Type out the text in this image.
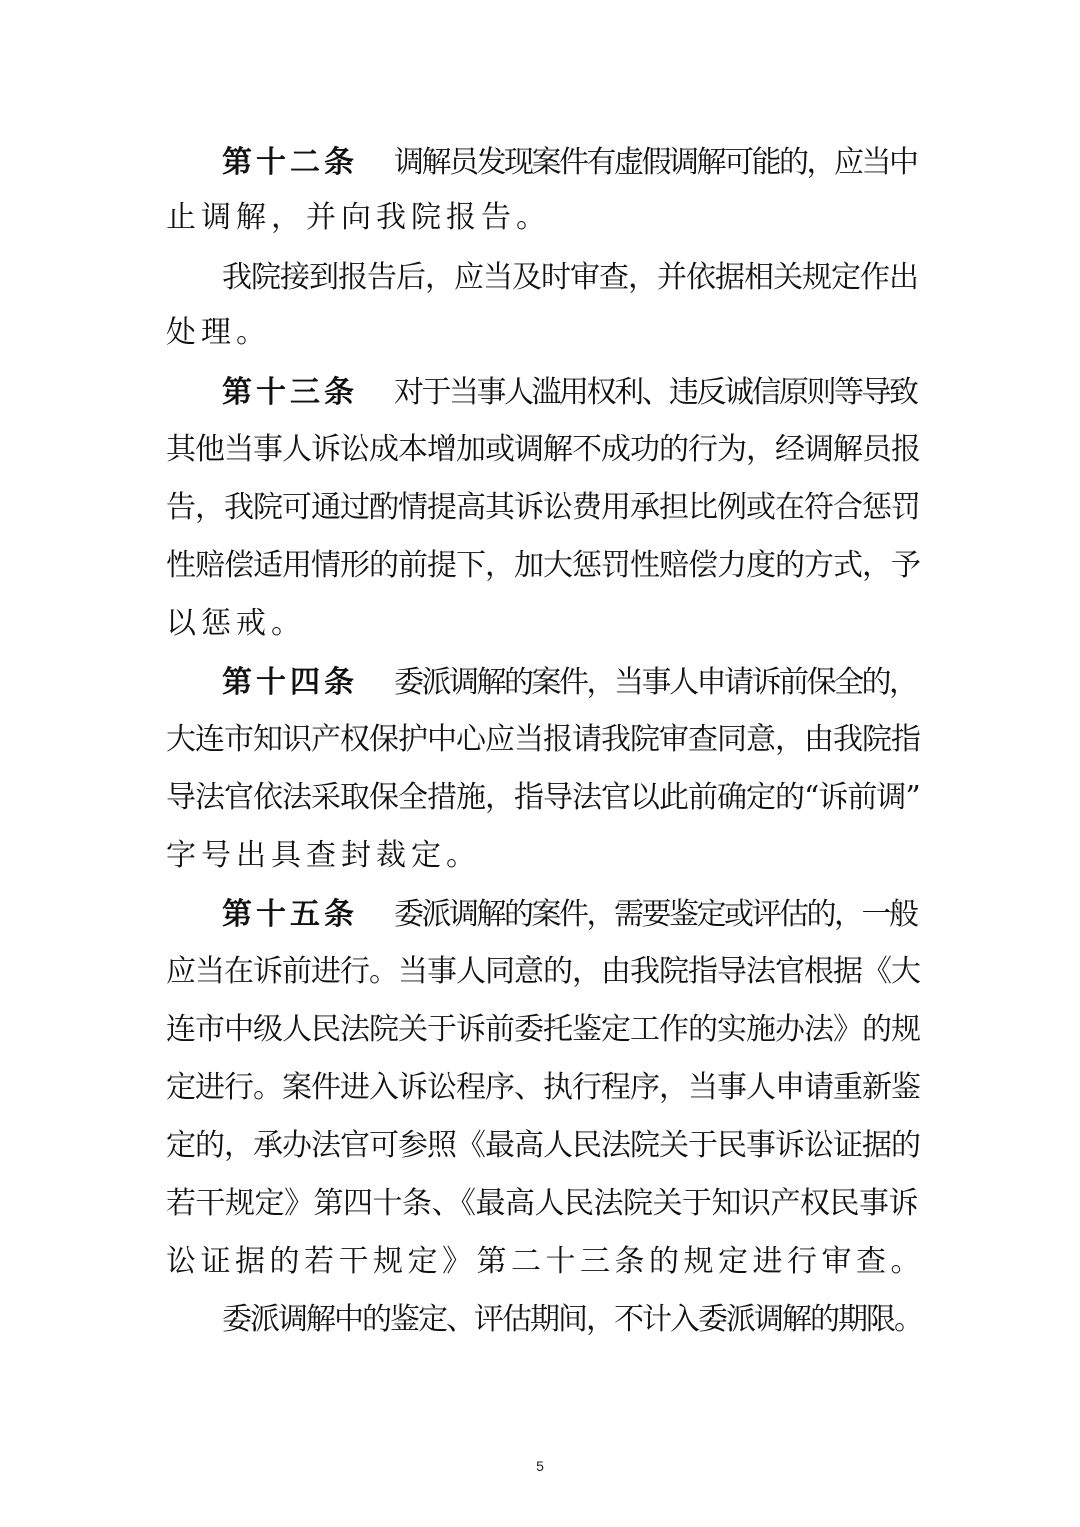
第十二条 调解员发现案件有虚假调解可能的，应当中
止调解，并向我院报告。
我院接到报告后，应当及时审查，并依据相关规定作出
处理。
第十三条 对于当事人滥用权利、违反诚信原则等导致
其他当事人诉讼成本增加或调解不成功的行为，经调解员报
告，我院可通过酌情提高其诉讼费用承担比例或在符合惩罚
性赔偿适用情形的前提下，加大惩罚性赔偿力度的方式，予
以惩戒。
第十四条 委派调解的案件，当事人申请诉前保全的，
大连市知识产权保护中心应当报请我院审查同意，由我院指
导法官依法采取保全措施，指导法官以此前确定的“诉前调”
字号出具查封裁定。
第十五条 委派调解的案件，需要鉴定或评估的，一般
应当在诉前进行。当事人同意的，由我院指导法官根据《大
连市中级人民法院关于诉前委托鉴定工作的实施办法》的规
定进行。案件进入诉讼程序、执行程序，当事人申请重新鉴
定的，承办法官可参照《最高人民法院关于民事诉讼证据的
若干规定》第四十条、《最高人民法院关于知识产权民事诉
讼证据的若干规定》第二十三条的规定进行审查。
委派调解中的鉴定、评估期间，不计入委派调解的期限。
5
